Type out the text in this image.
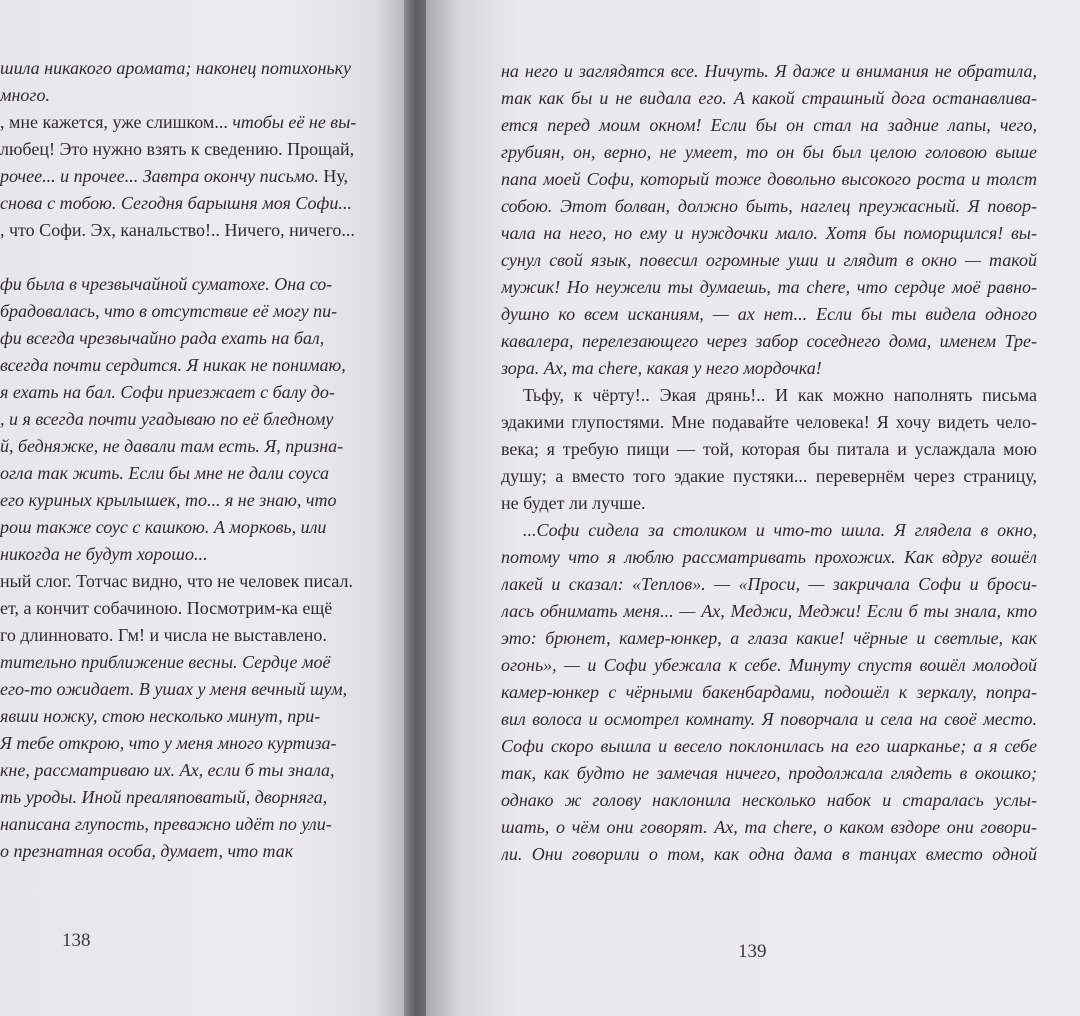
шила никакого аромата; наконец потихоньку
много.
, мне кажется, уже слишком... чтобы её не вы-
любец! Это нужно взять к сведению. Прощай,
рочее... и прочее... Завтра окончу письмо. Ну,
снова с тобою. Сегодня барышня моя Софи...
, что Софи. Эх, канальство!.. Ничего, ничего...
фи была в чрезвычайной суматохе. Она со-
брадовалась, что в отсутствие её могу пи-
фи всегда чрезвычайно рада ехать на бал,
всегда почти сердится. Я никак не понимаю,
я ехать на бал. Софи приезжает с балу до-
, и я всегда почти угадываю по её бледному
й, бедняжке, не давали там есть. Я, призна-
огла так жить. Если бы мне не дали соуса
его куриных крылышек, то... я не знаю, что
рош также соус с кашкою. А морковь, или
никогда не будут хорошо...
ный слог. Тотчас видно, что не человек писал.
ет, а кончит собачиною. Посмотрим-ка ещё
го длинновато. Гм! и числа не выставлено.
тительно приближение весны. Сердце моё
его-то ожидает. В ушах у меня вечный шум,
явши ножку, стою несколько минут, при-
Я тебе открою, что у меня много куртиза-
кне, рассматриваю их. Ах, если б ты знала,
ть уроды. Иной преаляповатый, дворняга,
написана глупость, преважно идёт по ули-
о презнатная особа, думает, что так
138
139
на него и заглядятся все. Ничуть. Я даже и внимания не обратила,
так как бы и не видала его. А какой страшный дога останавлива-
ется перед моим окном! Если бы он стал на задние лапы, чего,
грубиян, он, верно, не умеет, то он бы был целою головою выше
папа моей Софи, который тоже довольно высокого роста и толст
собою. Этот болван, должно быть, наглец преужасный. Я повор-
чала на него, но ему и нуждочки мало. Хотя бы поморщился! вы-
сунул свой язык, повесил огромные уши и глядит в окно — такой
мужик! Но неужели ты думаешь, ma chere, что сердце моё равно-
душно ко всем исканиям, — ах нет... Если бы ты видела одного
кавалера, перелезающего через забор соседнего дома, именем Тре-
зора. Ах, ma chere, какая у него мордочка!
Тьфу, к чёрту!.. Экая дрянь!.. И как можно наполнять письма
эдакими глупостями. Мне подавайте человека! Я хочу видеть чело-
века; я требую пищи — той, которая бы питала и услаждала мою
душу; а вместо того эдакие пустяки... перевернём через страницу,
не будет ли лучше.
...Софи сидела за столиком и что-то шила. Я глядела в окно,
потому что я люблю рассматривать прохожих. Как вдруг вошёл
лакей и сказал: «Теплов». — «Проси, — закричала Софи и броси-
лась обнимать меня... — Ах, Меджи, Меджи! Если б ты знала, кто
это: брюнет, камер-юнкер, а глаза какие! чёрные и светлые, как
огонь», — и Софи убежала к себе. Минуту спустя вошёл молодой
камер-юнкер с чёрными бакенбардами, подошёл к зеркалу, попра-
вил волоса и осмотрел комнату. Я поворчала и села на своё место.
Софи скоро вышла и весело поклонилась на его шарканье; а я себе
так, как будто не замечая ничего, продолжала глядеть в окошко;
однако ж голову наклонила несколько набок и старалась услы-
шать, о чём они говорят. Ах, ma chere, о каком вздоре они говори-
ли. Они говорили о том, как одна дама в танцах вместо одной
